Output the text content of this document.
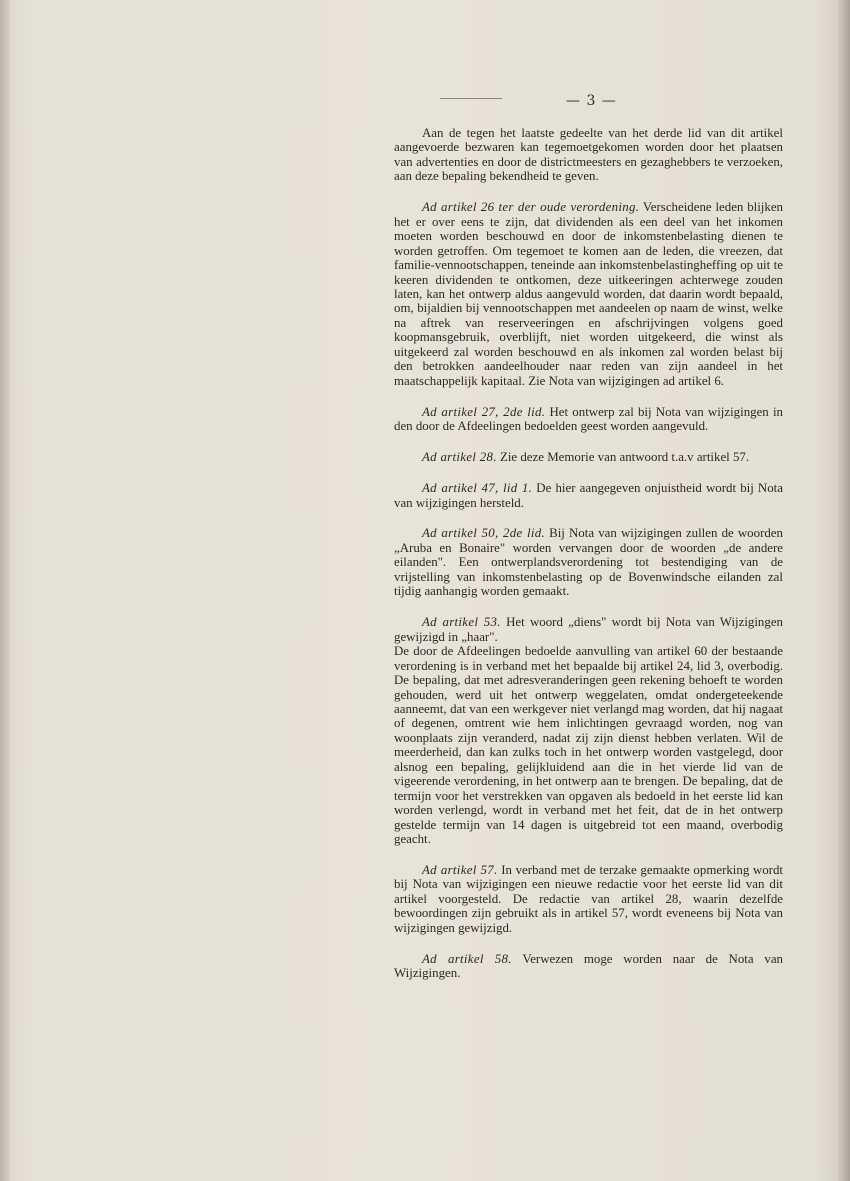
— 3 —

Aan de tegen het laatste gedeelte van het derde lid van dit artikel aangevoerde bezwaren kan tegemoetgekomen worden door het plaatsen van advertenties en door de districtmeesters en gezaghebbers te verzoeken, aan deze bepaling bekendheid te geven.

Ad artikel 26 ter der oude verordening. Verscheidene leden blijken het er over eens te zijn, dat dividenden als een deel van het inkomen moeten worden beschouwd en door de inkomstenbelasting dienen te worden getroffen. Om tegemoet te komen aan de leden, die vreezen, dat familie-vennootschappen, teneinde aan inkomstenbelastingheffing op uit te keeren dividenden te ontkomen, deze uitkeeringen achterwege zouden laten, kan het ontwerp aldus aangevuld worden, dat daarin wordt bepaald, om, bijaldien bij vennootschappen met aandeelen op naam de winst, welke na aftrek van reserveeringen en afschrijvingen volgens goed koopmansgebruik, overblijft, niet worden uitgekeerd, die winst als uitgekeerd zal worden beschouwd en als inkomen zal worden belast bij den betrokken aandeelhouder naar reden van zijn aandeel in het maatschappelijk kapitaal. Zie Nota van wijzigingen ad artikel 6.

Ad artikel 27, 2de lid. Het ontwerp zal bij Nota van wijzigingen in den door de Afdeelingen bedoelden geest worden aangevuld.

Ad artikel 28. Zie deze Memorie van antwoord t.a.v artikel 57.

Ad artikel 47, lid 1. De hier aangegeven onjuistheid wordt bij Nota van wijzigingen hersteld.

Ad artikel 50, 2de lid. Bij Nota van wijzigingen zullen de woorden „Aruba en Bonaire" worden vervangen door de woorden „de andere eilanden". Een ontwerplandsverordening tot bestendiging van de vrijstelling van inkomstenbelasting op de Bovenwindsche eilanden zal tijdig aanhangig worden gemaakt.

Ad artikel 53. Het woord „diens" wordt bij Nota van Wijzigingen gewijzigd in „haar".

De door de Afdeelingen bedoelde aanvulling van artikel 60 der bestaande verordening is in verband met het bepaalde bij artikel 24, lid 3, overbodig. De bepaling, dat met adresveranderingen geen rekening behoeft te worden gehouden, werd uit het ontwerp weggelaten, omdat ondergeteekende aanneemt, dat van een werkgever niet verlangd mag worden, dat hij nagaat of degenen, omtrent wie hem inlichtingen gevraagd worden, nog van woonplaats zijn veranderd, nadat zij zijn dienst hebben verlaten. Wil de meerderheid, dan kan zulks toch in het ontwerp worden vastgelegd, door alsnog een bepaling, gelijkluidend aan die in het vierde lid van de vigeerende verordening, in het ontwerp aan te brengen. De bepaling, dat de termijn voor het verstrekken van opgaven als bedoeld in het eerste lid kan worden verlengd, wordt in verband met het feit, dat de in het ontwerp gestelde termijn van 14 dagen is uitgebreid tot een maand, overbodig geacht.

Ad artikel 57. In verband met de terzake gemaakte opmerking wordt bij Nota van wijzigingen een nieuwe redactie voor het eerste lid van dit artikel voorgesteld. De redactie van artikel 28, waarin dezelfde bewoordingen zijn gebruikt als in artikel 57, wordt eveneens bij Nota van wijzigingen gewijzigd.

Ad artikel 58. Verwezen moge worden naar de Nota van Wijzigingen.
